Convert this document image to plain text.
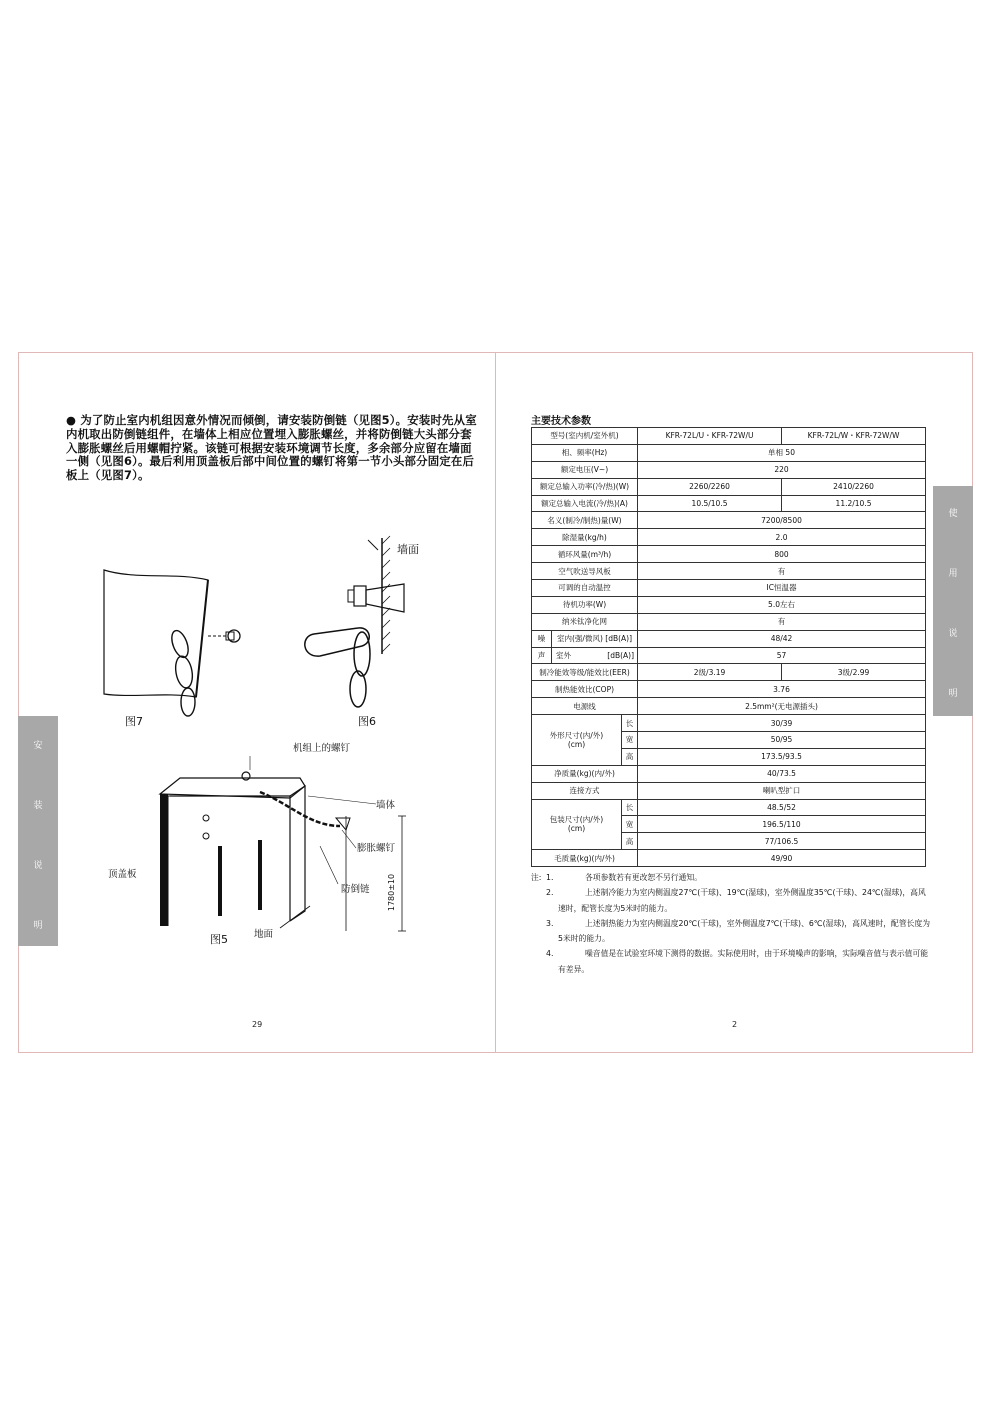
● 为了防止室内机组因意外情况而倾倒，请安装防倒链（见图5）。安装时先从室内机取出防倒链组件，在墙体上相应位置埋入膨胀螺丝，并将防倒链大头部分套入膨胀螺丝后用螺帽拧紧。该链可根据安装环境调节长度，多余部分应留在墙面一侧（见图6）。最后利用顶盖板后部中间位置的螺钉将第一节小头部分固定在后板上（见图7）。
安
装
说
明
图7
墙面
图6
机组上的螺钉
墙体
膨胀螺钉
防倒链
顶盖板
地面
1780±10
图5
29
主要技术参数
型号(室内机/室外机)			KFR-72L/U・KFR-72W/U	KFR-72L/W・KFR-72W/W
相、频率(Hz)			单相 50	
额定电压(V~)			220	
额定总输入功率(冷/热)(W)			2260/2260	2410/2260
额定总输入电流(冷/热)(A)			10.5/10.5	11.2/10.5
名义(制冷/制热)量(W)			7200/8500	
除湿量(kg/h)			2.0	
循环风量(m³/h)			800	
空气吹送导风板			有	
可调的自动温控			IC恒温器	
待机功率(W)			5.0左右	
纳米钛净化网			有	
噪	室内(强/微风) [dB(A)]		48/42	
声	室外 [dB(A)]		57	
制冷能效等级/能效比(EER)			2级/3.19	3级/2.99
制热能效比(COP)			3.76	
电源线			2.5mm²(无电源插头)	
外形尺寸(内/外)
(cm)		长	30/39	
		宽	50/95	
		高	173.5/93.5	
净质量(kg)(内/外)			40/73.5	
连接方式			喇叭型扩口	
包装尺寸(内/外)
(cm)		长	48.5/52	
		宽	196.5/110	
		高	77/106.5	
毛质量(kg)(内/外)			49/90	
注: 1.	各项参数若有更改恕不另行通知。
2.	上述制冷能力为室内侧温度27℃(干球)、19℃(湿球)，室外侧温度35℃(干球)、24℃(湿球)，高风速时，配管长度为5米时的能力。
3.	上述制热能力为室内侧温度20℃(干球)，室外侧温度7℃(干球)、6℃(湿球)，高风速时，配管长度为5米时的能力。
4.	噪音值是在试验室环境下测得的数据。实际使用时，由于环境噪声的影响，实际噪音值与表示值可能有差异。
使
用
说
明
2
